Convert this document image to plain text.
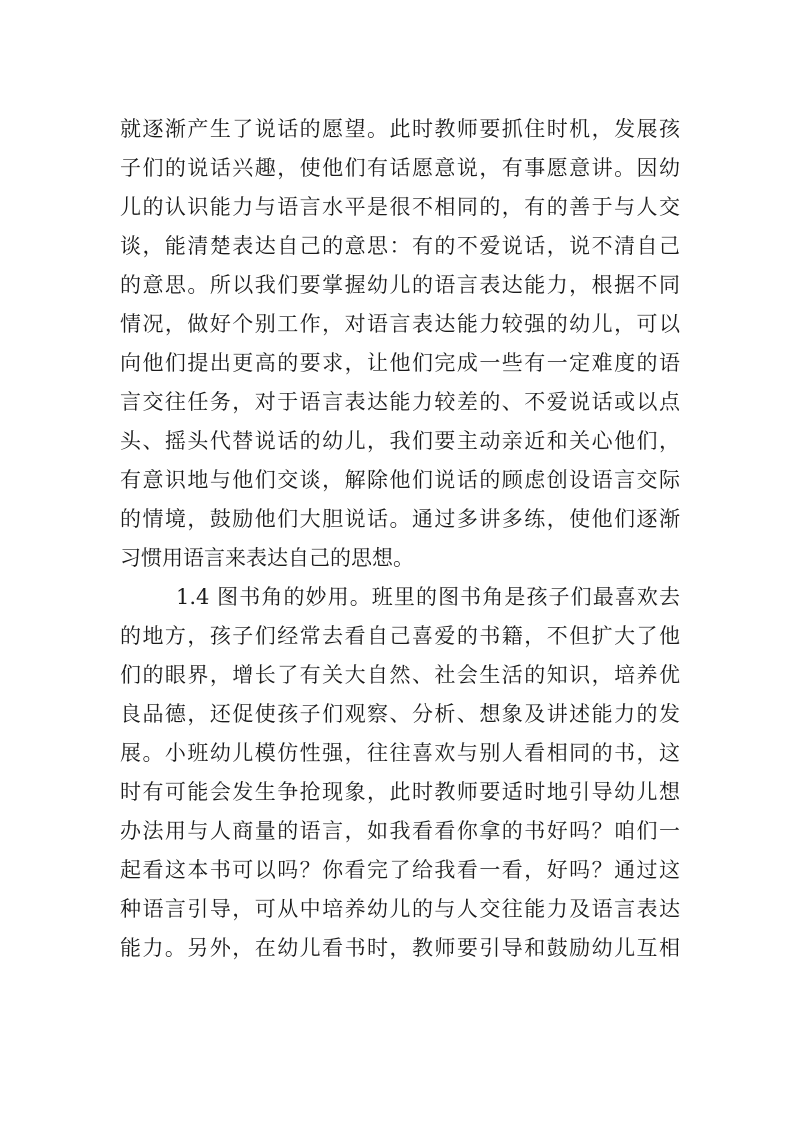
就逐渐产生了说话的愿望。此时教师要抓住时机，发展孩
子们的说话兴趣，使他们有话愿意说，有事愿意讲。因幼
儿的认识能力与语言水平是很不相同的，有的善于与人交
谈，能清楚表达自己的意思：有的不爱说话，说不清自己
的意思。所以我们要掌握幼儿的语言表达能力，根据不同
情况，做好个别工作，对语言表达能力较强的幼儿，可以
向他们提出更高的要求，让他们完成一些有一定难度的语
言交往任务，对于语言表达能力较差的、不爱说话或以点
头、摇头代替说话的幼儿，我们要主动亲近和关心他们，
有意识地与他们交谈，解除他们说话的顾虑创设语言交际
的情境，鼓励他们大胆说话。通过多讲多练，使他们逐渐
习惯用语言来表达自己的思想。
1.4 图书角的妙用。班里的图书角是孩子们最喜欢去
的地方，孩子们经常去看自己喜爱的书籍，不但扩大了他
们的眼界，增长了有关大自然、社会生活的知识，培养优
良品德，还促使孩子们观察、分析、想象及讲述能力的发
展。小班幼儿模仿性强，往往喜欢与别人看相同的书，这
时有可能会发生争抢现象，此时教师要适时地引导幼儿想
办法用与人商量的语言，如我看看你拿的书好吗？咱们一
起看这本书可以吗？你看完了给我看一看，好吗？通过这
种语言引导，可从中培养幼儿的与人交往能力及语言表达
能力。另外，在幼儿看书时，教师要引导和鼓励幼儿互相
